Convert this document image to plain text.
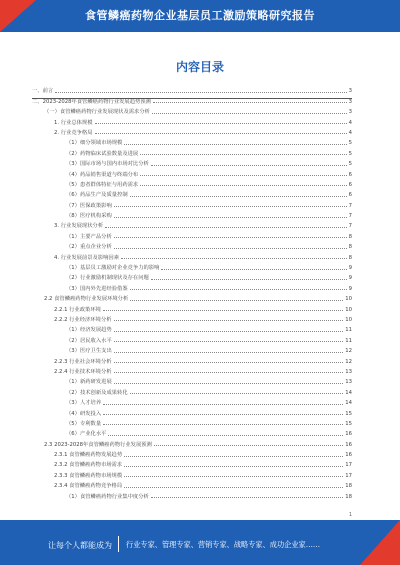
食管鳞癌药物企业基层员工激励策略研究报告
内容目录
一、前言	3
二、2023-2028年食管鳞癌药物行业发展趋势预测	3
（一）食管鳞癌药物行业发展现状及需求分析	3
1. 行业总体规模	4
2. 行业竞争格局	4
（1）细分领域市场规模	5
（2）药物临床试验数量及进展	5
（3）国际市场与国内市场对比分析	5
（4）药品销售渠道与终端分布	6
（5）患者群体特征与用药需求	6
（6）药品生产及质量控制	6
（7）医保政策影响	7
（8）医疗机构采购	7
3. 行业发展现状分析	7
（1）主要产品分析	8
（2）重点企业分析	8
4. 行业发展前景及影响因素	8
（1）基层员工激励对企业竞争力的影响	9
（2）行业激励机制现状及存在问题	9
（3）国内外先进经验借鉴	9
2.2 食管鳞癌药物行业发展环境分析	10
2.2.1 行业政策环境	10
2.2.2 行业经济环境分析	10
（1）经济发展趋势	11
（2）居民收入水平	11
（3）医疗卫生支出	12
2.2.3 行业社会环境分析	12
2.2.4 行业技术环境分析	13
（1）新药研发进展	13
（2）技术创新及成果转化	14
（3）人才培养	14
（4）研发投入	15
（5）专利数量	15
（6）产业化水平	16
2.3 2023-2028年食管鳞癌药物行业发展预测	16
2.3.1 食管鳞癌药物发展趋势	16
2.3.2 食管鳞癌药物市场需求	17
2.3.3 食管鳞癌药物市场规模	17
2.3.4 食管鳞癌药物竞争格局	18
（1）食管鳞癌药物行业集中度分析	18
1
让每个人都能成为 行业专家、管理专家、营销专家、战略专家、成功企业家……
